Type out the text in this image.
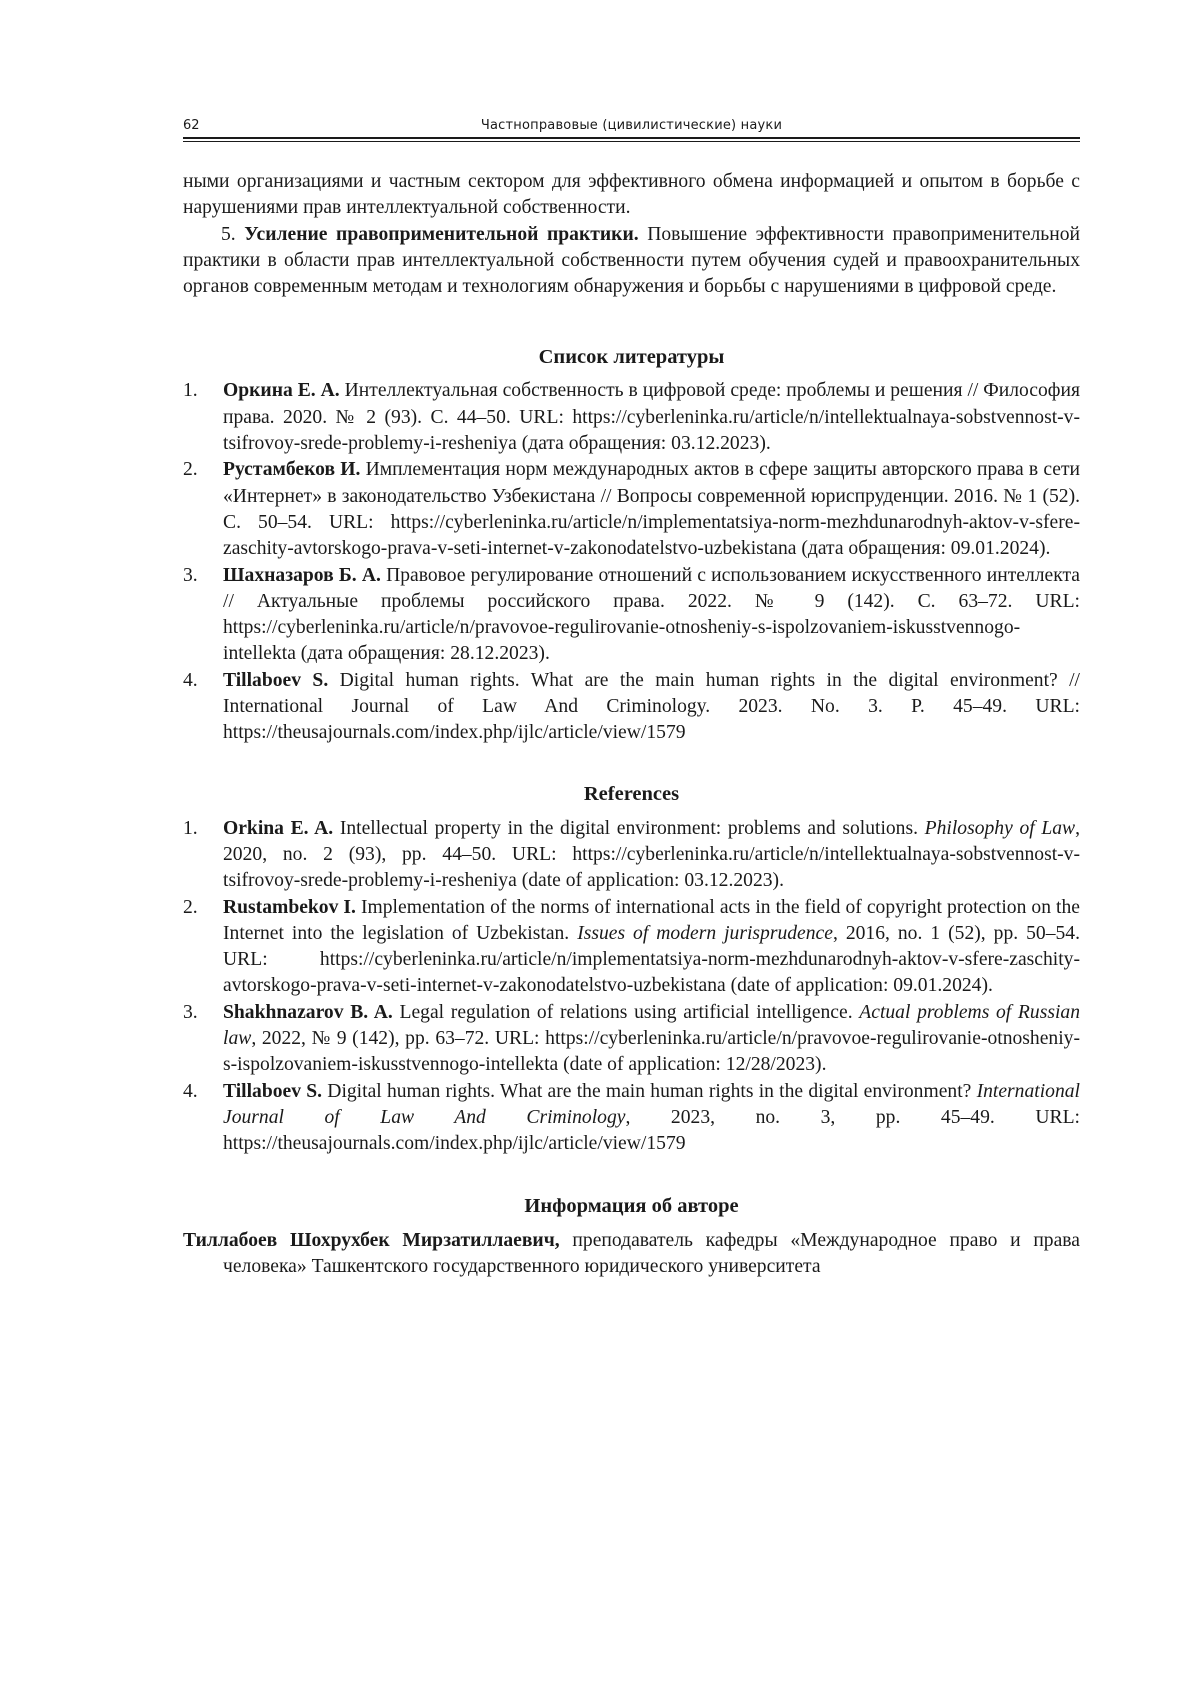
62	Частноправовые (цивилистические) науки

ными организациями и частным сектором для эффективного обмена информацией и опытом в борьбе с нарушениями прав интеллектуальной собственности.

5. Усиление правоприменительной практики. Повышение эффективности правоприменительной практики в области прав интеллектуальной собственности путем обучения судей и правоохранительных органов современным методам и технологиям обнаружения и борьбы с нарушениями в цифровой среде.

Список литературы
1. Оркина Е. А. Интеллектуальная собственность в цифровой среде: проблемы и решения // Философия права. 2020. № 2 (93). С. 44–50. URL: https://cyberleninka.ru/article/n/intellektualnaya-sobstvennost-v-tsifrovoy-srede-problemy-i-resheniya (дата обращения: 03.12.2023).
2. Рустамбеков И. Имплементация норм международных актов в сфере защиты авторского права в сети «Интернет» в законодательство Узбекистана // Вопросы современной юриспруденции. 2016. № 1 (52). С. 50–54. URL: https://cyberleninka.ru/article/n/implementatsiya-norm-mezhdunarodnyh-aktov-v-sfere-zaschity-avtorskogo-prava-v-seti-internet-v-zakonodatelstvo-uzbekistana (дата обращения: 09.01.2024).
3. Шахназаров Б. А. Правовое регулирование отношений с использованием искусственного интеллекта // Актуальные проблемы российского права. 2022. № 9 (142). С. 63–72. URL: https://cyberleninka.ru/article/n/pravovoe-regulirovanie-otnosheniy-s-ispolzovaniem-iskusstvennogo-intellekta (дата обращения: 28.12.2023).
4. Tillaboev S. Digital human rights. What are the main human rights in the digital environment? // International Journal of Law And Criminology. 2023. No. 3. P. 45–49. URL: https://theusajournals.com/index.php/ijlc/article/view/1579
References
1. Orkina E. A. Intellectual property in the digital environment: problems and solutions. Philosophy of Law, 2020, no. 2 (93), pp. 44–50. URL: https://cyberleninka.ru/article/n/intellektualnaya-sobstvennost-v-tsifrovoy-srede-problemy-i-resheniya (date of application: 03.12.2023).
2. Rustambekov I. Implementation of the norms of international acts in the field of copyright protection on the Internet into the legislation of Uzbekistan. Issues of modern jurisprudence, 2016, no. 1 (52), pp. 50–54. URL: https://cyberleninka.ru/article/n/implementatsiya-norm-mezhdunarodnyh-aktov-v-sfere-zaschity-avtorskogo-prava-v-seti-internet-v-zakonodatelstvo-uzbekistana (date of application: 09.01.2024).
3. Shakhnazarov B. A. Legal regulation of relations using artificial intelligence. Actual problems of Russian law, 2022, № 9 (142), pp. 63–72. URL: https://cyberleninka.ru/article/n/pravovoe-regulirovanie-otnosheniy-s-ispolzovaniem-iskusstvennogo-intellekta (date of application: 12/28/2023).
4. Tillaboev S. Digital human rights. What are the main human rights in the digital environment? International Journal of Law And Criminology, 2023, no. 3, pp. 45–49. URL: https://theusajournals.com/index.php/ijlc/article/view/1579
Информация об авторе

Тиллабоев Шохрухбек Мирзатиллаевич, преподаватель кафедры «Международное право и права человека» Ташкентского государственного юридического университета
